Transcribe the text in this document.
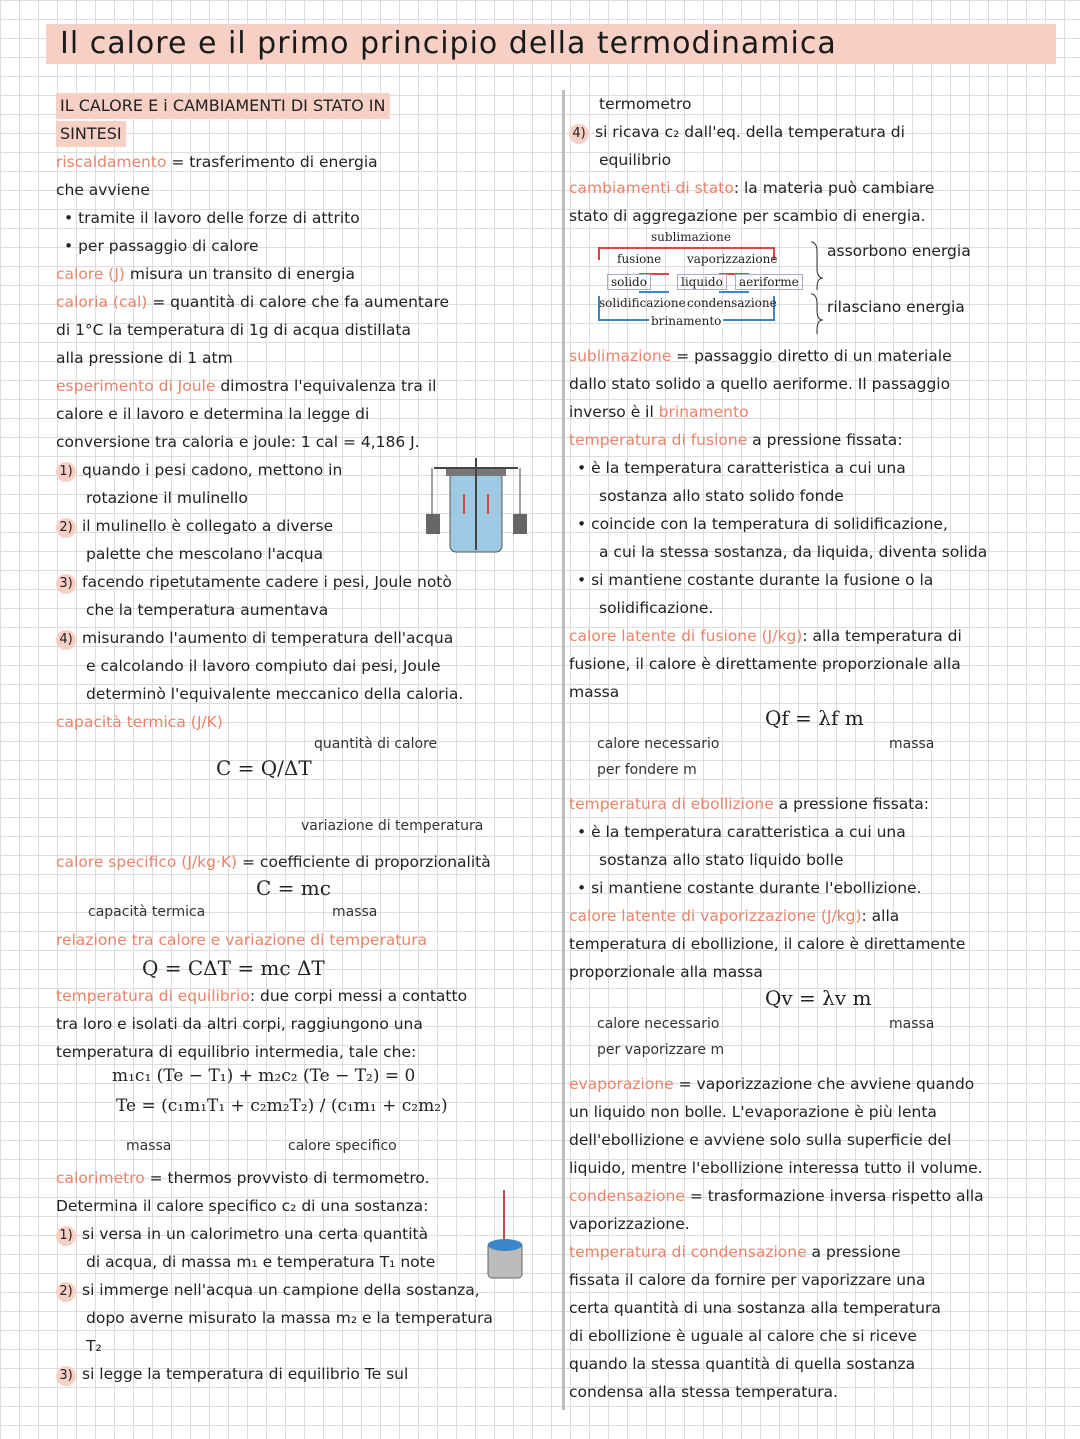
Il calore e il primo principio della termodinamica
IL CALORE E i CAMBIAMENTI DI STATO IN
SINTESI
riscaldamento = trasferimento di energia
che avviene
• tramite il lavoro delle forze di attrito
• per passaggio di calore
calore (J) misura un transito di energia
caloria (cal) = quantità di calore che fa aumentare
di 1°C la temperatura di 1g di acqua distillata
alla pressione di 1 atm
esperimento di Joule dimostra l'equivalenza tra il
calore e il lavoro e determina la legge di
conversione tra caloria e joule: 1 cal = 4,186 J.
1) quando i pesi cadono, mettono in
rotazione il mulinello
2) il mulinello è collegato a diverse
palette che mescolano l'acqua
3) facendo ripetutamente cadere i pesi, Joule notò
che la temperatura aumentava
4) misurando l'aumento di temperatura dell'acqua
e calcolando il lavoro compiuto dai pesi, Joule
determinò l'equivalente meccanico della caloria.
capacità termica (J/K)
C = Q/ΔT
quantità di calore
variazione di temperatura
calore specifico (J/kg·K) = coefficiente di proporzionalità
C = mc
capacità termica	massa
relazione tra calore e variazione di temperatura
Q = CΔT = mc ΔT
temperatura di equilibrio: due corpi messi a contatto
tra loro e isolati da altri corpi, raggiungono una
temperatura di equilibrio intermedia, tale che:
m₁c₁ (Te − T₁) + m₂c₂ (Te − T₂) = 0
Te = (c₁m₁T₁ + c₂m₂T₂) / (c₁m₁ + c₂m₂)
massa	calore specifico
calorimetro = thermos provvisto di termometro.
Determina il calore specifico c₂ di una sostanza:
1) si versa in un calorimetro una certa quantità
di acqua, di massa m₁ e temperatura T₁ note
2) si immerge nell'acqua un campione della sostanza,
dopo averne misurato la massa m₂ e la temperatura
T₂
3) si legge la temperatura di equilibrio Te sul
termometro
4) si ricava c₂ dall'eq. della temperatura di
equilibrio
cambiamenti di stato: la materia può cambiare
stato di aggregazione per scambio di energia.
sublimazione
fusione vaporizzazione
solido	liquido	aeriforme
solidificazione condensazione
brinamento
assorbono energia
rilasciano energia
sublimazione = passaggio diretto di un materiale
dallo stato solido a quello aeriforme. Il passaggio
inverso è il brinamento
temperatura di fusione a pressione fissata:
• è la temperatura caratteristica a cui una
sostanza allo stato solido fonde
• coincide con la temperatura di solidificazione,
a cui la stessa sostanza, da liquida, diventa solida
• si mantiene costante durante la fusione o la
solidificazione.
calore latente di fusione (J/kg): alla temperatura di
fusione, il calore è direttamente proporzionale alla
massa
Qf = λf m
calore necessario
per fondere m
massa
temperatura di ebollizione a pressione fissata:
• è la temperatura caratteristica a cui una
sostanza allo stato liquido bolle
• si mantiene costante durante l'ebollizione.
calore latente di vaporizzazione (J/kg): alla
temperatura di ebollizione, il calore è direttamente
proporzionale alla massa
Qv = λv m
calore necessario
per vaporizzare m
massa
evaporazione = vaporizzazione che avviene quando
un liquido non bolle. L'evaporazione è più lenta
dell'ebollizione e avviene solo sulla superficie del
liquido, mentre l'ebollizione interessa tutto il volume.
condensazione = trasformazione inversa rispetto alla
vaporizzazione.
temperatura di condensazione a pressione
fissata il calore da fornire per vaporizzare una
certa quantità di una sostanza alla temperatura
di ebollizione è uguale al calore che si riceve
quando la stessa quantità di quella sostanza
condensa alla stessa temperatura.
